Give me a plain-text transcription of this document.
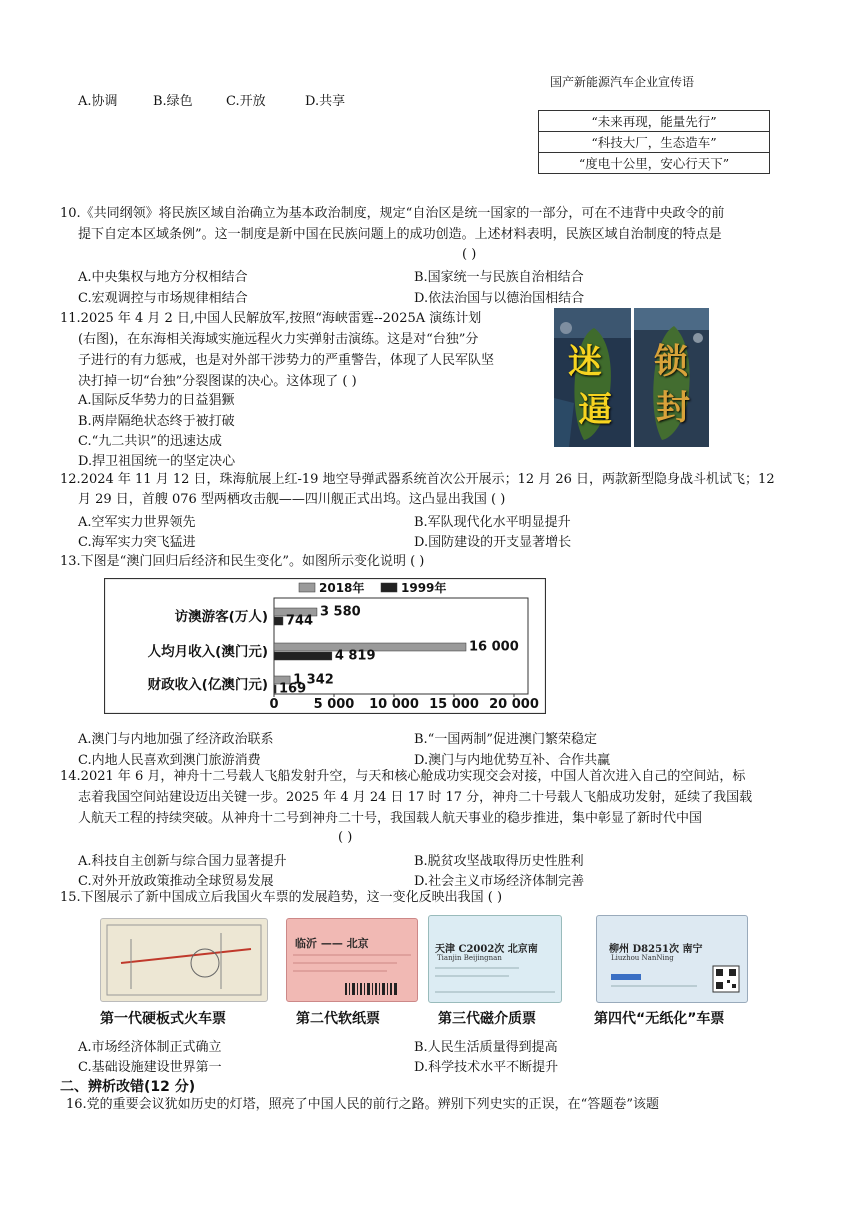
A.协调	B.绿色	C.开放	D.共享
国产新能源汽车企业宣传语
“未来再现，能量先行”
“科技大厂，生态造车”
“度电十公里，安心行天下”
10.《共同纲领》将民族区域自治确立为基本政治制度，规定“自治区是统一国家的一部分，可在不违背中央政令的前
提下自定本区域条例”。这一制度是新中国在民族问题上的成功创造。上述材料表明，民族区域自治制度的特点是
( )
A.中央集权与地方分权相结合	B.国家统一与民族自治相结合
C.宏观调控与市场规律相结合	D.依法治国与以德治国相结合
11.2025 年 4 月 2 日,中国人民解放军,按照“海峡雷霆--2025A 演练计划
(右图)，在东海相关海域实施远程火力实弹射击演练。这是对“台独”分
子进行的有力惩戒，也是对外部干涉势力的严重警告，体现了人民军队坚
决打掉一切“台独”分裂图谋的决心。这体现了 ( )
A.国际反华势力的日益猖獗
B.两岸隔绝状态终于被打破
C.“九二共识”的迅速达成
D.捍卫祖国统一的坚定决心
迷
逼
锁
封
12.2024 年 11 月 12 日，珠海航展上红-19 地空导弹武器系统首次公开展示；12 月 26 日，两款新型隐身战斗机试飞；12
月 29 日，首艘 076 型两栖攻击舰——四川舰正式出坞。这凸显出我国 ( )
A.空军实力世界领先	B.军队现代化水平明显提升
C.海军实力突飞猛进	D.国防建设的开支显著增长
13.下图是“澳门回归后经济和民生变化”。如图所示变化说明 ( )
0	5 000 10 000 15 000 20 000
2018年	1999年
访澳游客(万人)	3 580
744
人均月收入(澳门元)	16 000
4 819
财政收入(亿澳门元) 1 342
169
A.澳门与内地加强了经济政治联系	B.“一国两制”促进澳门繁荣稳定
C.内地人民喜欢到澳门旅游消费	D.澳门与内地优势互补、合作共赢
14.2021 年 6 月，神舟十二号载人飞船发射升空，与天和核心舱成功实现交会对接，中国人首次进入自己的空间站，标
志着我国空间站建设迈出关键一步。2025 年 4 月 24 日 17 时 17 分，神舟二十号载人飞船成功发射，延续了我国载
人航天工程的持续突破。从神舟十二号到神舟二十号，我国载人航天事业的稳步推进，集中彰显了新时代中国
( )
A.科技自主创新与综合国力显著提升	B.脱贫攻坚战取得历史性胜利
C.对外开放政策推动全球贸易发展	D.社会主义市场经济体制完善
15.下图展示了新中国成立后我国火车票的发展趋势，这一变化反映出我国 ( )
临沂 —— 北京	天津 C2002次 北京南
Tianjin Beijingnan
柳州 D8251次 南宁
Liuzhou NanNing
第一代硬板式火车票	第二代软纸票	第三代磁介质票	第四代“无纸化”车票
A.市场经济体制正式确立	B.人民生活质量得到提高
C.基础设施建设世界第一	D.科学技术水平不断提升
二、辨析改错(12 分)
16.党的重要会议犹如历史的灯塔，照亮了中国人民的前行之路。辨别下列史实的正误，在“答题卷”该题
